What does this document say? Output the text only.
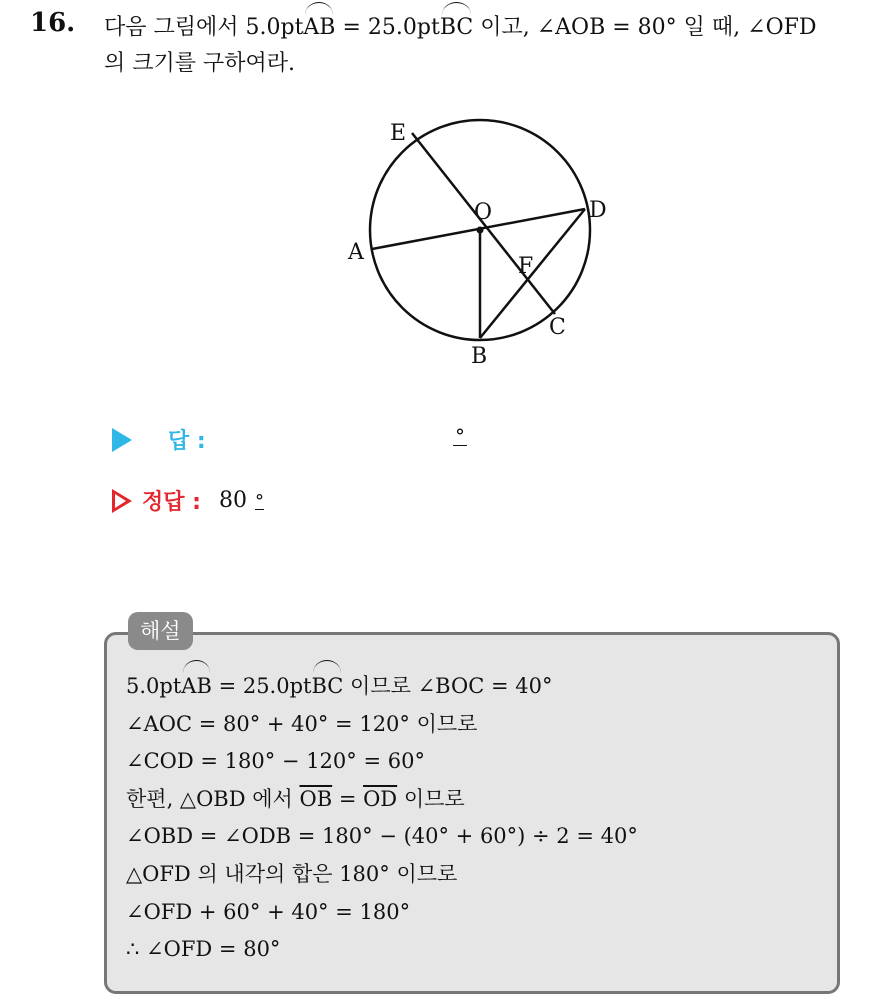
16. 다음 그림에서 5.0ptAB = 25.0ptBC 이고, ∠AOB = 80° 일 때, ∠OFD
의 크기를 구하여라.
E
O	D
A
F
C
B
답 :	°
정답 : 80 °
해설
5.0ptAB = 25.0ptBC 이므로 ∠BOC = 40°
∠AOC = 80° + 40° = 120° 이므로
∠COD = 180° − 120° = 60°
한편, △OBD 에서 $\overline{OB} = \overline{OD}$ 이므로
∠OBD = ∠ODB = 180° − (40° + 60°) ÷ 2 = 40°
△OFD 의 내각의 합은 180° 이므로
∠OFD + 60° + 40° = 180°
∴ ∠OFD = 80°
